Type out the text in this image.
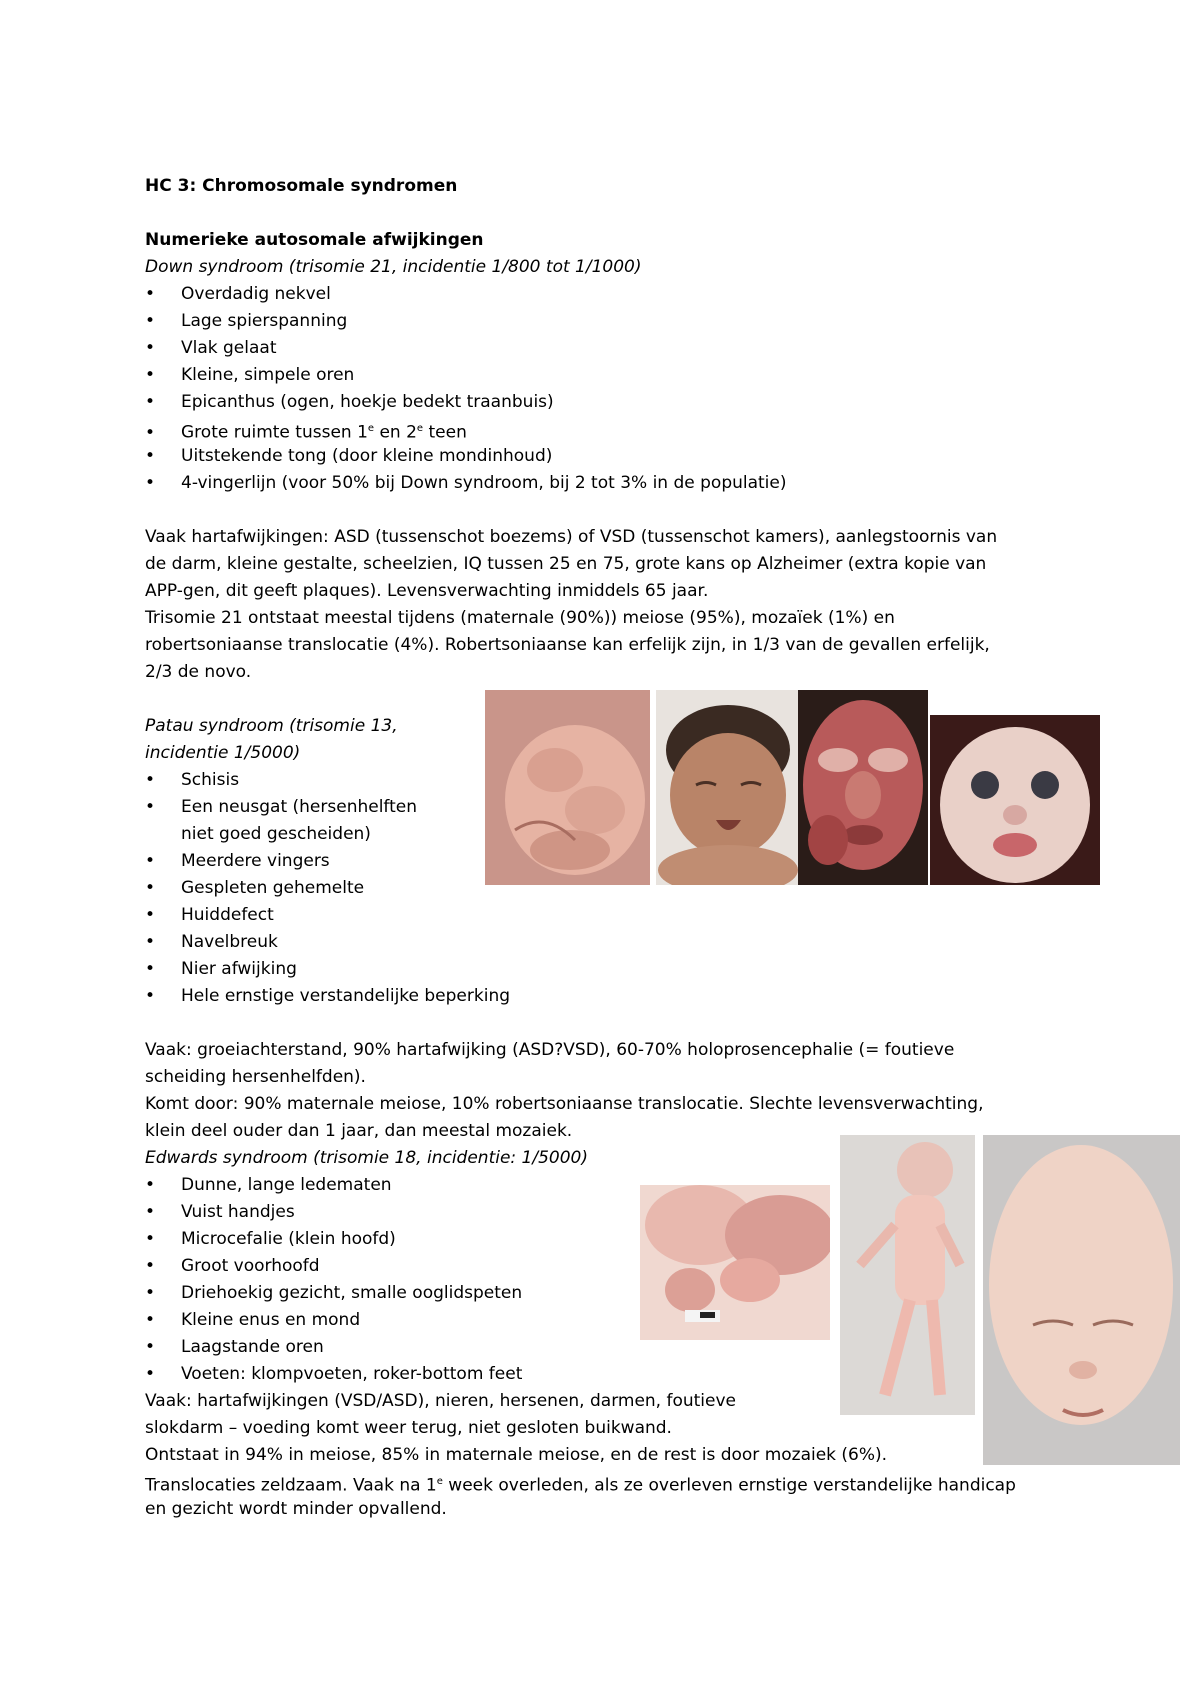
HC 3: Chromosomale syndromen
Numerieke autosomale afwijkingen
Down syndroom (trisomie 21, incidentie 1/800 tot 1/1000)
• Overdadig nekvel
• Lage spierspanning
• Vlak gelaat
• Kleine, simpele oren
• Epicanthus (ogen, hoekje bedekt traanbuis)
• Grote ruimte tussen 1e en 2e teen
• Uitstekende tong (door kleine mondinhoud)
• 4-vingerlijn (voor 50% bij Down syndroom, bij 2 tot 3% in de populatie)
Vaak hartafwijkingen: ASD (tussenschot boezems) of VSD (tussenschot kamers), aanlegstoornis van
de darm, kleine gestalte, scheelzien, IQ tussen 25 en 75, grote kans op Alzheimer (extra kopie van
APP-gen, dit geeft plaques). Levensverwachting inmiddels 65 jaar.
Trisomie 21 ontstaat meestal tijdens (maternale (90%)) meiose (95%), mozaïek (1%) en
robertsoniaanse translocatie (4%). Robertsoniaanse kan erfelijk zijn, in 1/3 van de gevallen erfelijk,
2/3 de novo.
Patau syndroom (trisomie 13,
incidentie 1/5000)
• Schisis
• Een neusgat (hersenhelften
niet goed gescheiden)
• Meerdere vingers
• Gespleten gehemelte
• Huiddefect
• Navelbreuk
• Nier afwijking
• Hele ernstige verstandelijke beperking
Vaak: groeiachterstand, 90% hartafwijking (ASD?VSD), 60-70% holoprosencephalie (= foutieve
scheiding hersenhelfden).
Komt door: 90% maternale meiose, 10% robertsoniaanse translocatie. Slechte levensverwachting,
klein deel ouder dan 1 jaar, dan meestal mozaiek.
Edwards syndroom (trisomie 18, incidentie: 1/5000)
• Dunne, lange ledematen
• Vuist handjes
• Microcefalie (klein hoofd)
• Groot voorhoofd
• Driehoekig gezicht, smalle ooglidspeten
• Kleine enus en mond
• Laagstande oren
• Voeten: klompvoeten, roker-bottom feet
Vaak: hartafwijkingen (VSD/ASD), nieren, hersenen, darmen, foutieve
slokdarm – voeding komt weer terug, niet gesloten buikwand.
Ontstaat in 94% in meiose, 85% in maternale meiose, en de rest is door mozaiek (6%).
Translocaties zeldzaam. Vaak na 1e week overleden, als ze overleven ernstige verstandelijke handicap
en gezicht wordt minder opvallend.
